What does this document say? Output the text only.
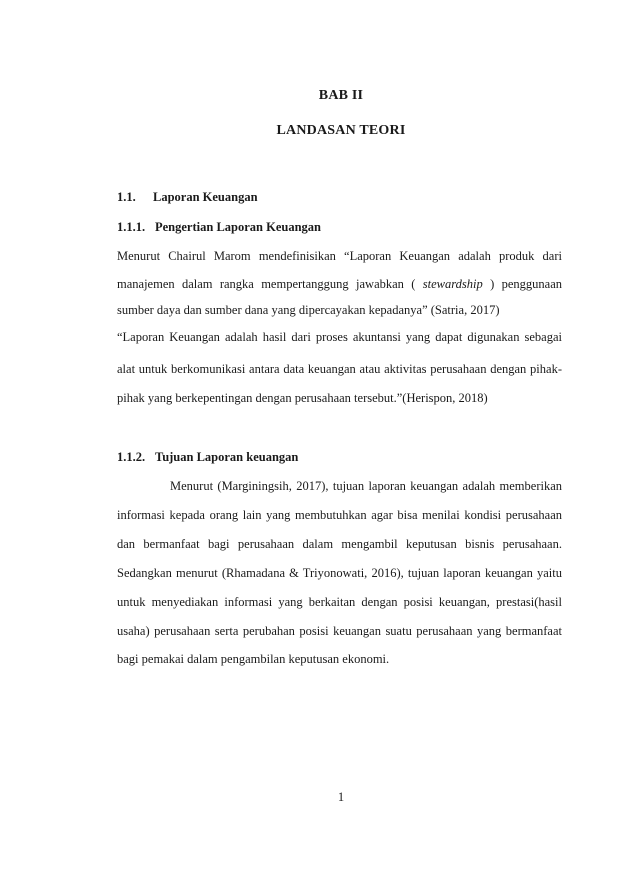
BAB II

LANDASAN TEORI

1.1. Laporan Keuangan

1.1.1. Pengertian Laporan Keuangan

Menurut Chairul Marom mendefinisikan “Laporan Keuangan adalah produk dari

manajemen dalam rangka mempertanggung jawabkan ( stewardship ) penggunaan

sumber daya dan sumber dana yang dipercayakan kepadanya” (Satria, 2017)

“Laporan Keuangan adalah hasil dari proses akuntansi yang dapat digunakan sebagai

alat untuk berkomunikasi antara data keuangan atau aktivitas perusahaan dengan pihak-

pihak yang berkepentingan dengan perusahaan tersebut.”(Herispon, 2018)

1.1.2. Tujuan Laporan keuangan

Menurut (Marginingsih, 2017), tujuan laporan keuangan adalah memberikan

informasi kepada orang lain yang membutuhkan agar bisa menilai kondisi perusahaan

dan bermanfaat bagi perusahaan dalam mengambil keputusan bisnis perusahaan.

Sedangkan menurut (Rhamadana & Triyonowati, 2016), tujuan laporan keuangan yaitu

untuk menyediakan informasi yang berkaitan dengan posisi keuangan, prestasi(hasil

usaha) perusahaan serta perubahan posisi keuangan suatu perusahaan yang bermanfaat

bagi pemakai dalam pengambilan keputusan ekonomi.

1
